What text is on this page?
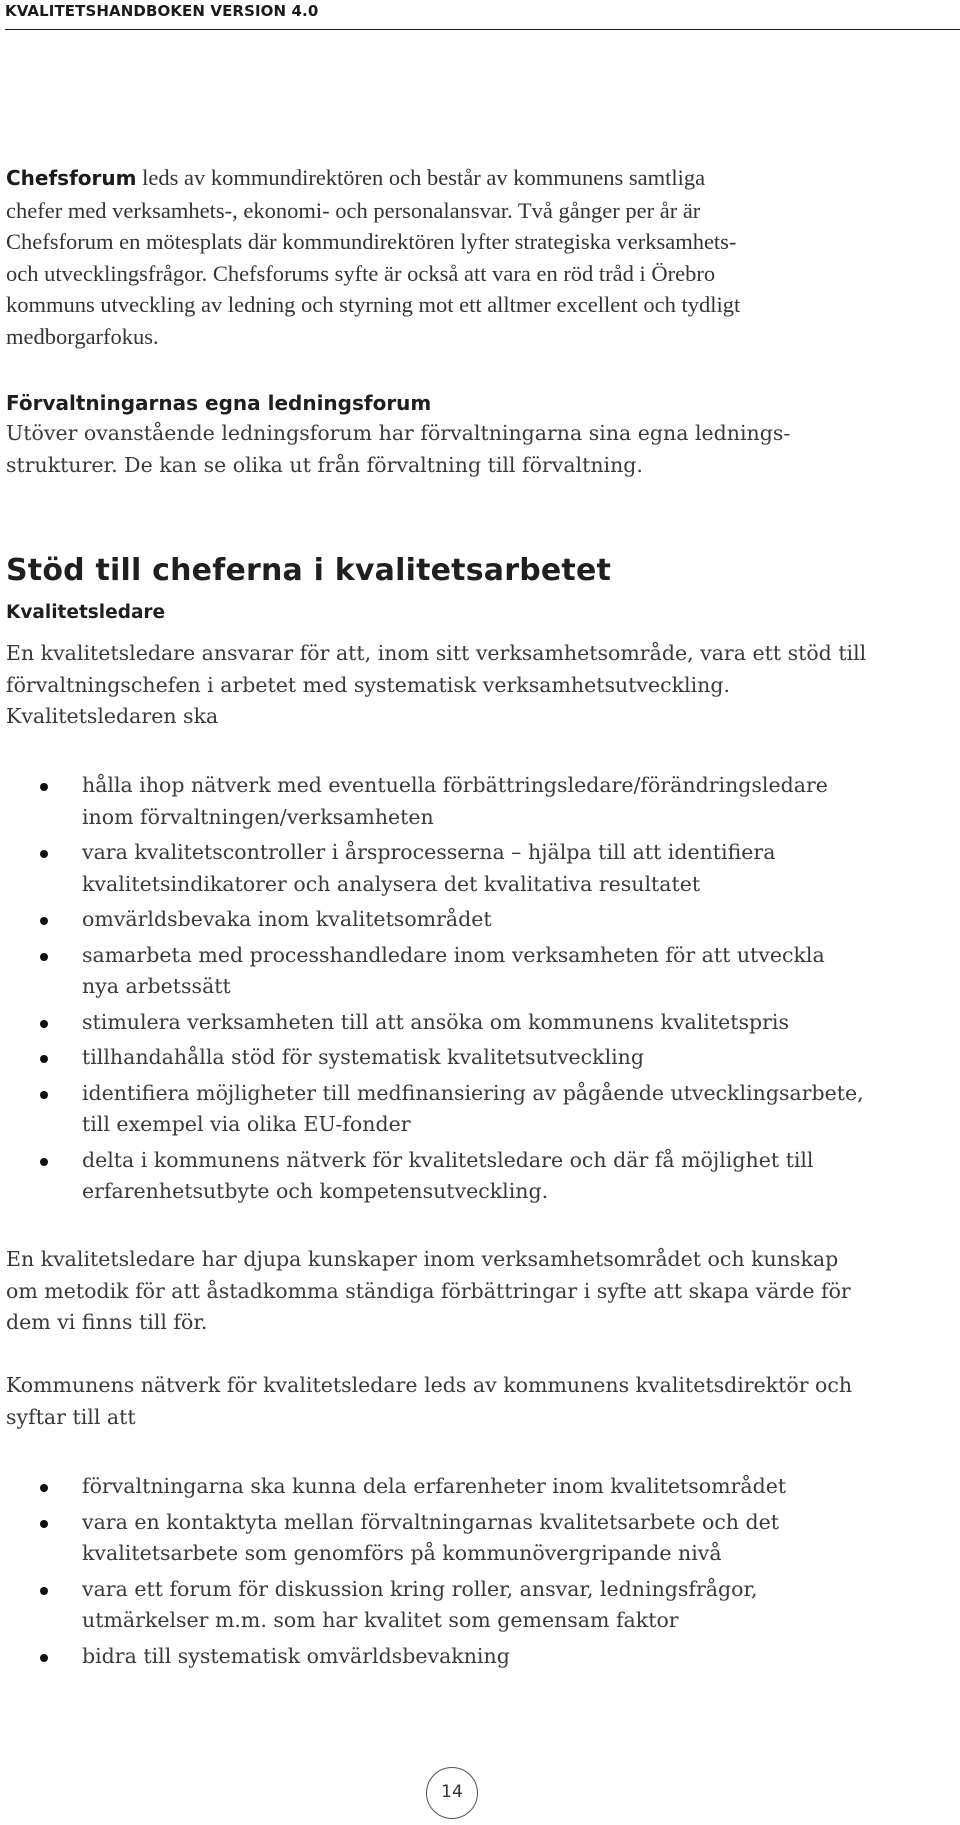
KVALITETSHANDBOKEN VERSION 4.0
Chefsforum leds av kommundirektören och består av kommunens samtliga
chefer med verksamhets-, ekonomi- och personalansvar. Två gånger per år är
Chefsforum en mötesplats där kommundirektören lyfter strategiska verksamhets-
och utvecklingsfrågor. Chefsforums syfte är också att vara en röd tråd i Örebro
kommuns utveckling av ledning och styrning mot ett alltmer excellent och tydligt
medborgarfokus.
Förvaltningarnas egna ledningsforum
Utöver ovanstående ledningsforum har förvaltningarna sina egna lednings-
strukturer. De kan se olika ut från förvaltning till förvaltning.
Stöd till cheferna i kvalitetsarbetet
Kvalitetsledare
En kvalitetsledare ansvarar för att, inom sitt verksamhetsområde, vara ett stöd till
förvaltningschefen i arbetet med systematisk verksamhetsutveckling.
Kvalitetsledaren ska
hålla ihop nätverk med eventuella förbättringsledare/förändringsledare
inom förvaltningen/verksamheten
vara kvalitetscontroller i årsprocesserna – hjälpa till att identifiera
kvalitetsindikatorer och analysera det kvalitativa resultatet
omvärldsbevaka inom kvalitetsområdet
samarbeta med processhandledare inom verksamheten för att utveckla
nya arbetssätt
stimulera verksamheten till att ansöka om kommunens kvalitetspris
tillhandahålla stöd för systematisk kvalitetsutveckling
identifiera möjligheter till medfinansiering av pågående utvecklingsarbete,
till exempel via olika EU-fonder
delta i kommunens nätverk för kvalitetsledare och där få möjlighet till
erfarenhetsutbyte och kompetensutveckling.
En kvalitetsledare har djupa kunskaper inom verksamhetsområdet och kunskap
om metodik för att åstadkomma ständiga förbättringar i syfte att skapa värde för
dem vi finns till för.
Kommunens nätverk för kvalitetsledare leds av kommunens kvalitetsdirektör och
syftar till att
förvaltningarna ska kunna dela erfarenheter inom kvalitetsområdet
vara en kontaktyta mellan förvaltningarnas kvalitetsarbete och det
kvalitetsarbete som genomförs på kommunövergripande nivå
vara ett forum för diskussion kring roller, ansvar, ledningsfrågor,
utmärkelser m.m. som har kvalitet som gemensam faktor
bidra till systematisk omvärldsbevakning
14
